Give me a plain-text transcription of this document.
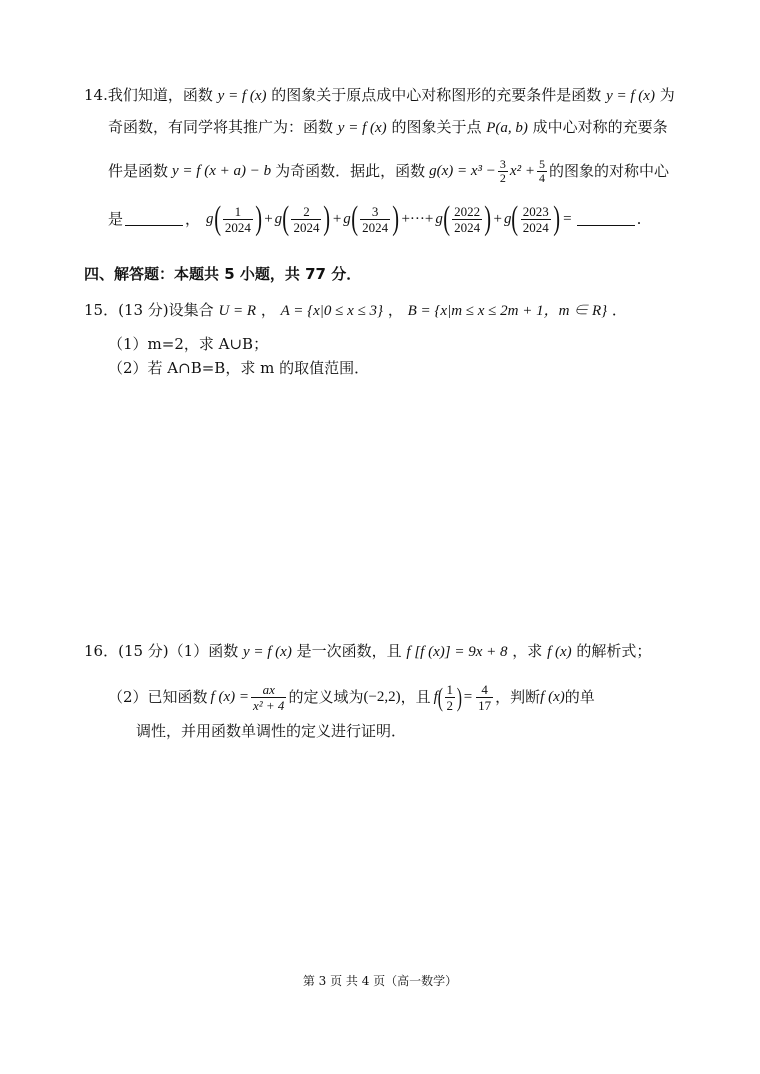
14.我们知道，函数 y = f (x) 的图象关于原点成中心对称图形的充要条件是函数 y = f (x) 为
奇函数，有同学将其推广为：函数 y = f (x) 的图象关于点 P(a, b) 成中心对称的充要条
件是函数 y = f (x + a) − b 为奇函数．据此，函数 $g(x) = x^3 - \frac{3}{2} x^2 + \frac{5}{4}$ 的图象的对称中心
是	， g ( $\frac{1}{2024}$ ) + g ( $\frac{2}{2024}$ ) + g ( $\frac{3}{2024}$ ) +···+ g ( $\frac{2022}{2024}$ ) + g ( $\frac{2023}{2024}$ ) =	.
四、解答题：本题共 5 小题，共 77 分．
15．(13 分)设集合 U = R ， A = {x|0 ≤ x ≤ 3} ， B = {x|m ≤ x ≤ 2m + 1，m ∈ R} ．
（1）m=2，求 A∪B；
（2）若 A∩B=B，求 m 的取值范围．
16．(15 分)（1）函数 y = f (x) 是一次函数，且 f [f (x)] = 9x + 8 ，求 f (x) 的解析式；
（2）已知函数 f $(x) = \frac{ax}{\text{x² + 4}}$ 的定义域为 (−2,2) ，且 f ( $\frac{1}{2}$ ) = $\frac{4}{17}$ ，判断 f (x) 的单
调性，并用函数单调性的定义进行证明．
第 3 页 共 4 页（高一数学）
